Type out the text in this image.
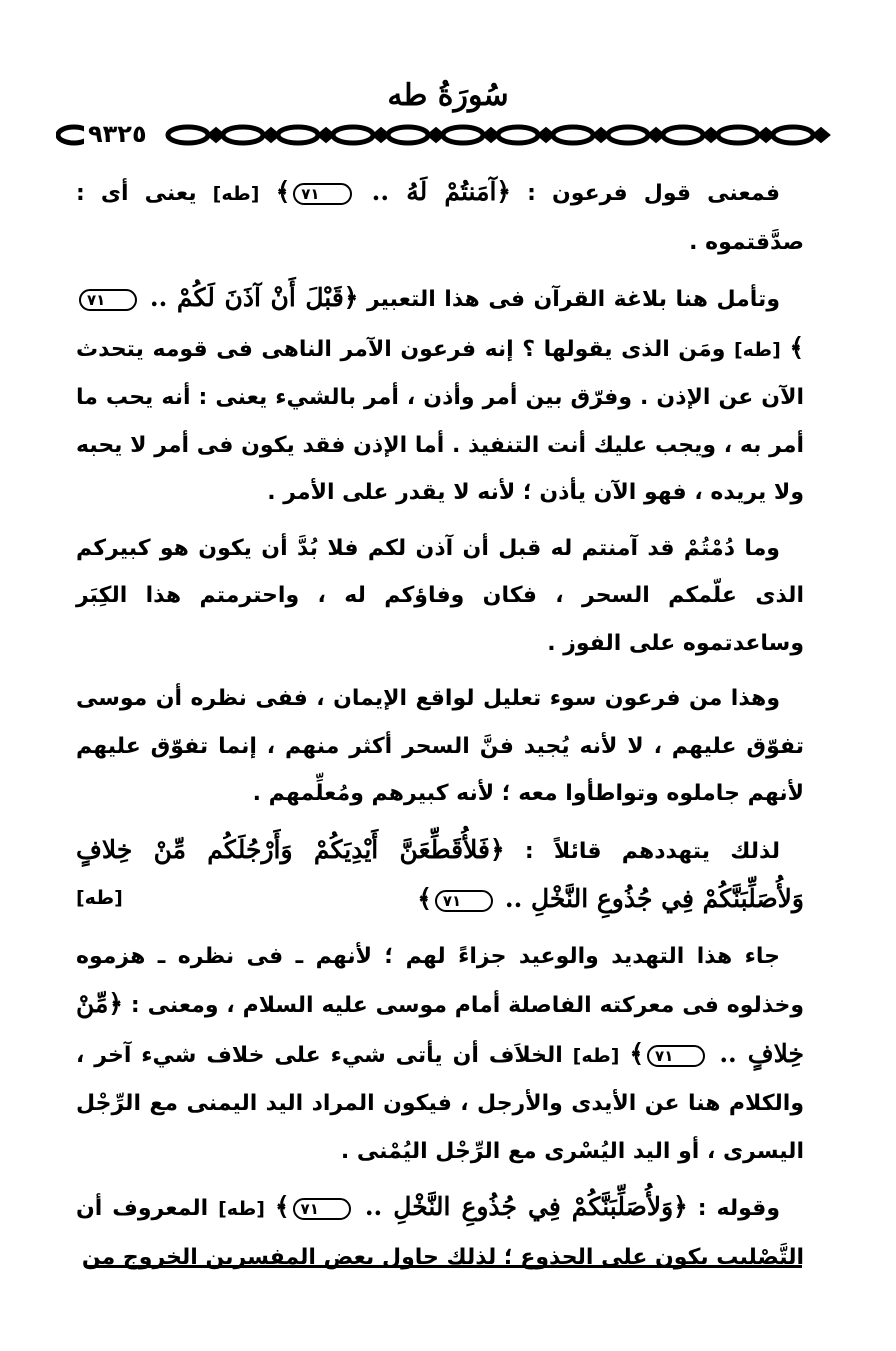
سُورَةُ طه
٩٣٢٥

فمعنى قول فرعون : ﴿آمَنتُمْ لَهُ .. ٧١﴾ [طه] يعنى أى : صدَّقتموه .

وتأمل هنا بلاغة القرآن فى هذا التعبير ﴿قَبْلَ أَنْ آذَنَ لَكُمْ .. ٧١﴾ [طه] ومَن الذى يقولها ؟ إنه فرعون الآمر الناهى فى قومه يتحدث الآن عن الإذن . وفرّق بين أمر وأذن ، أمر بالشيء يعنى : أنه يحب ما أمر به ، ويجب عليك أنت التنفيذ . أما الإذن فقد يكون فى أمر لا يحبه ولا يريده ، فهو الآن يأذن ؛ لأنه لا يقدر على الأمر .

وما دُمْتُمْ قد آمنتم له قبل أن آذن لكم فلا بُدَّ أن يكون هو كبيركم الذى علّمكم السحر ، فكان وفاؤكم له ، واحترمتم هذا الكِبَر وساعدتموه على الفوز .

وهذا من فرعون سوء تعليل لواقع الإيمان ، ففى نظره أن موسى تفوّق عليهم ، لا لأنه يُجيد فنَّ السحر أكثر منهم ، إنما تفوّق عليهم لأنهم جاملوه وتواطأوا معه ؛ لأنه كبيرهم ومُعلِّمهم .

لذلك يتهددهم قائلاً : ﴿فَلأُقَطِّعَنَّ أَيْدِيَكُمْ وَأَرْجُلَكُم مِّنْ خِلافٍ وَلأُصَلِّبَنَّكُمْ فِي جُذُوعِ النَّخْلِ .. ٧١﴾
[طه]

جاء هذا التهديد والوعيد جزاءً لهم ؛ لأنهم ـ فى نظره ـ هزموه وخذلوه فى معركته الفاصلة أمام موسى عليه السلام ، ومعنى : ﴿مِّنْ خِلافٍ .. ٧١﴾ [طه] الخلاَف أن يأتى شيء على خلاف شيء آخر ، والكلام هنا عن الأيدى والأرجل ، فيكون المراد اليد اليمنى مع الرِّجْل اليسرى ، أو اليد اليُسْرى مع الرِّجْل اليُمْنى .

وقوله : ﴿وَلأُصَلِّبَنَّكُمْ فِي جُذُوعِ النَّخْلِ .. ٧١﴾ [طه] المعروف أن التَّصْليب يكون على الجذوع ؛ لذلك حاول بعض المفسرين الخروج من
